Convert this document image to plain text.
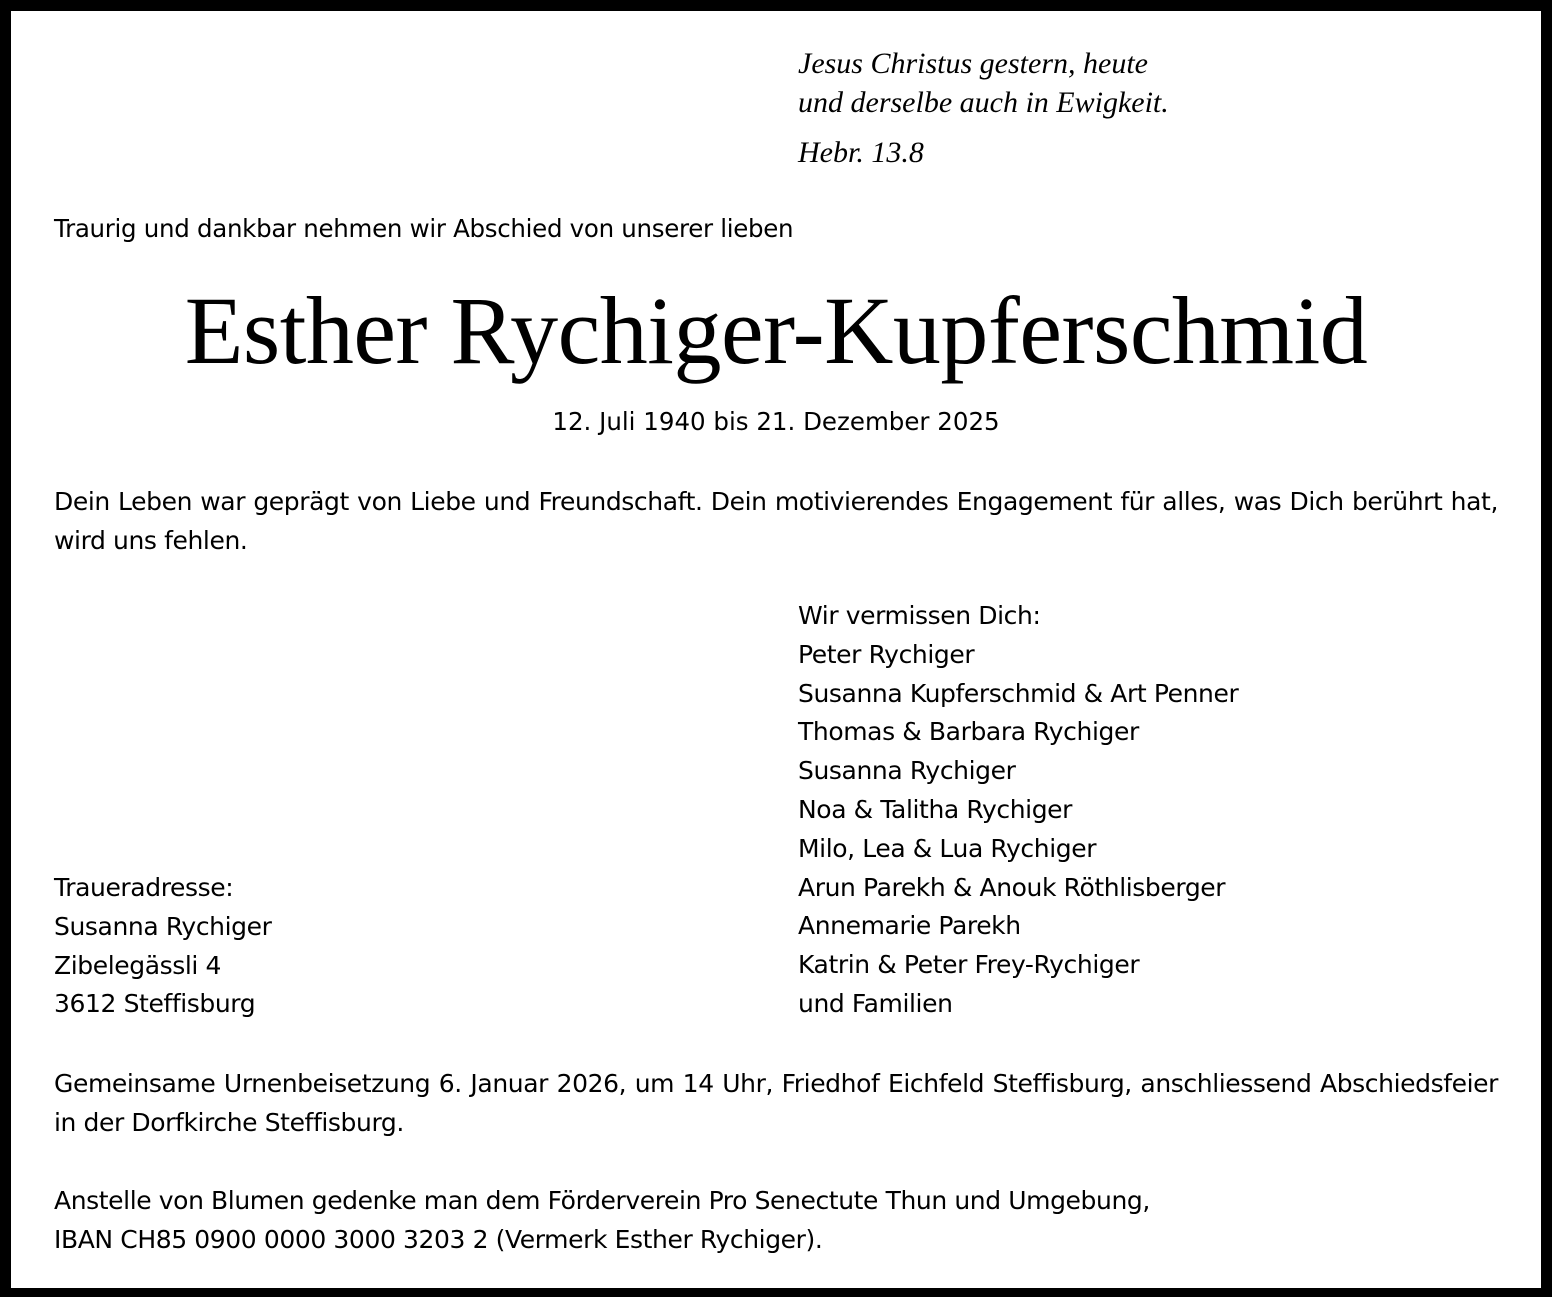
Jesus Christus gestern, heute
und derselbe auch in Ewigkeit.
Hebr. 13.8
Traurig und dankbar nehmen wir Abschied von unserer lieben
Esther Rychiger-Kupferschmid
12. Juli 1940 bis 21. Dezember 2025
Dein Leben war geprägt von Liebe und Freundschaft. Dein motivierendes Engagement für alles, was Dich berührt hat, wird uns fehlen.
Wir vermissen Dich:
Peter Rychiger
Susanna Kupferschmid & Art Penner
Thomas & Barbara Rychiger
Susanna Rychiger
Noa & Talitha Rychiger
Milo, Lea & Lua Rychiger
Arun Parekh & Anouk Röthlisberger
Annemarie Parekh
Katrin & Peter Frey-Rychiger
und Familien
Traueradresse:
Susanna Rychiger
Zibelegässli 4
3612 Steffisburg
Gemeinsame Urnenbeisetzung 6. Januar 2026, um 14 Uhr, Friedhof Eichfeld Steffisburg, anschliessend Abschiedsfeier in der Dorfkirche Steffisburg.
Anstelle von Blumen gedenke man dem Förderverein Pro Senectute Thun und Umgebung,
IBAN CH85 0900 0000 3000 3203 2 (Vermerk Esther Rychiger).
